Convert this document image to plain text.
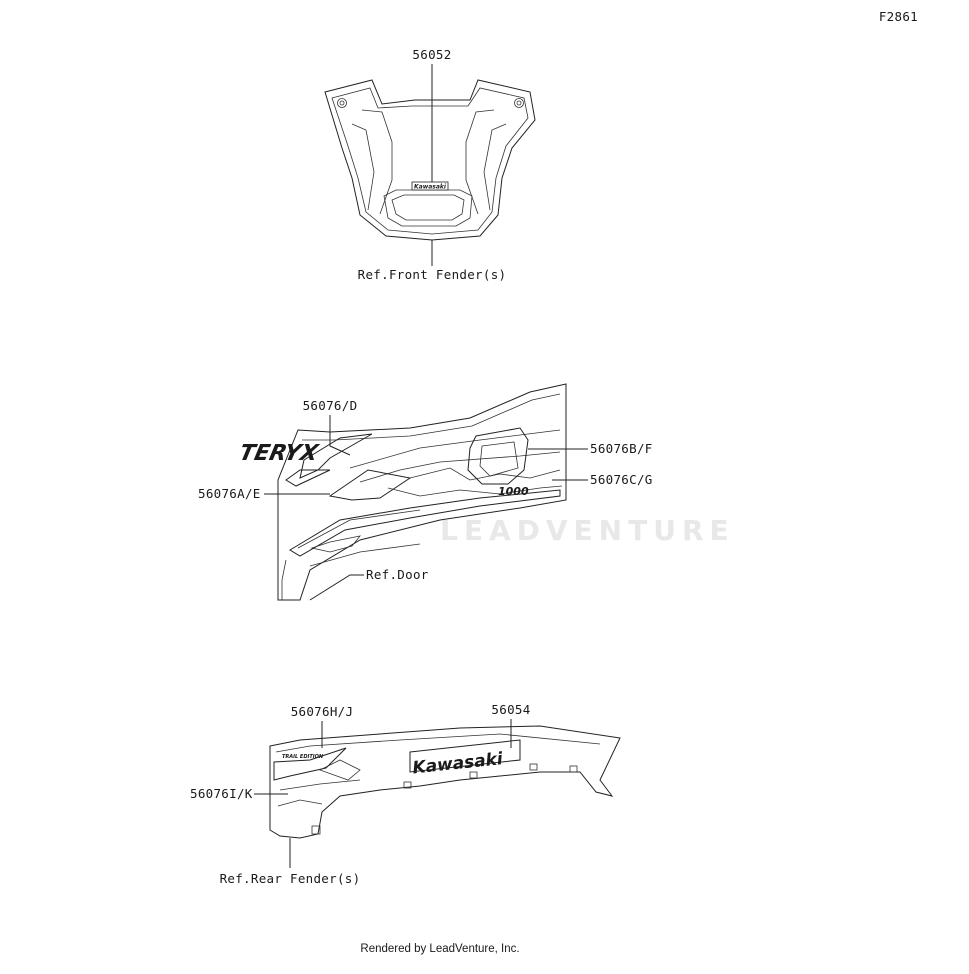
F2861
LEADVENTURE
Kawasaki
56052
Ref.Front Fender(s)
TERYX
1000
56076/D
56076B/F
56076A/E
56076C/G
Ref.Door
TRAIL EDITION	Kawasaki
56076H/J	56054
56076I/K
Ref.Rear Fender(s)
Rendered by LeadVenture, Inc.
